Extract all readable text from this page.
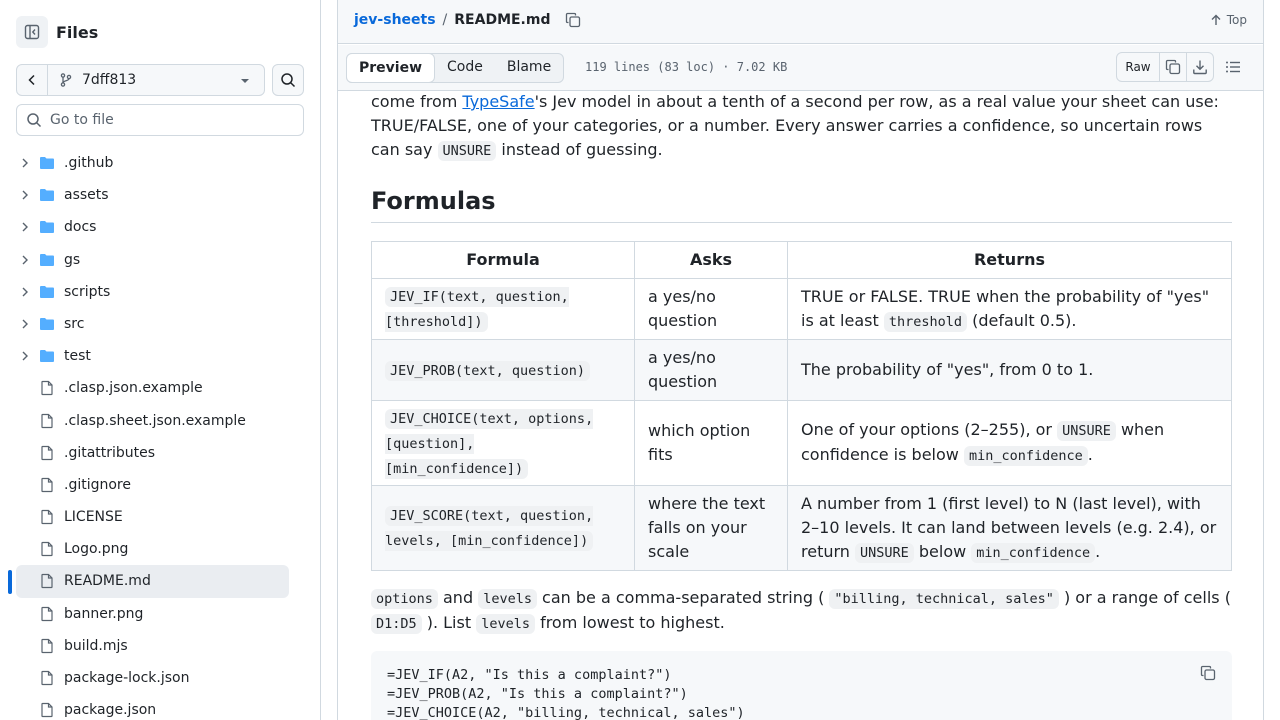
Files
7dff813
Go to file
.github
assets
docs
gs
scripts
src
test
.clasp.json.example
.clasp.sheet.json.example
.gitattributes
.gitignore
LICENSE
Logo.png
README.md
banner.png
build.mjs
package-lock.json
package.json
jev-sheets / README.md	Top
Preview	Code	Blame	119 lines (83 loc) · 7.02 KB	Raw

come from TypeSafe's Jev model in about a tenth of a second per row, as a real value your sheet can use: TRUE/FALSE, one of your categories, or a number. Every answer carries a confidence, so uncertain rows can say UNSURE instead of guessing.

Formulas
Formula	Asks	Returns
JEV_IF(text, question, [threshold])	a yes/no question	TRUE or FALSE. TRUE when the probability of "yes" is at least threshold (default 0.5).
JEV_PROB(text, question)	a yes/no question	The probability of "yes", from 0 to 1.
JEV_CHOICE(text, options, [question], [min_confidence])	which option fits	One of your options (2–255), or UNSURE when confidence is below min_confidence .
JEV_SCORE(text, question, levels, [min_confidence])	where the text falls on your scale	A number from 1 (first level) to N (last level), with 2–10 levels. It can land between levels (e.g. 2.4), or return UNSURE below min_confidence .

options and levels can be a comma-separated string ( "billing, technical, sales" ) or a range of cells ( D1:D5 ). List levels from lowest to highest.

=JEV_IF(A2, "Is this a complaint?")
=JEV_PROB(A2, "Is this a complaint?")
=JEV_CHOICE(A2, "billing, technical, sales")
